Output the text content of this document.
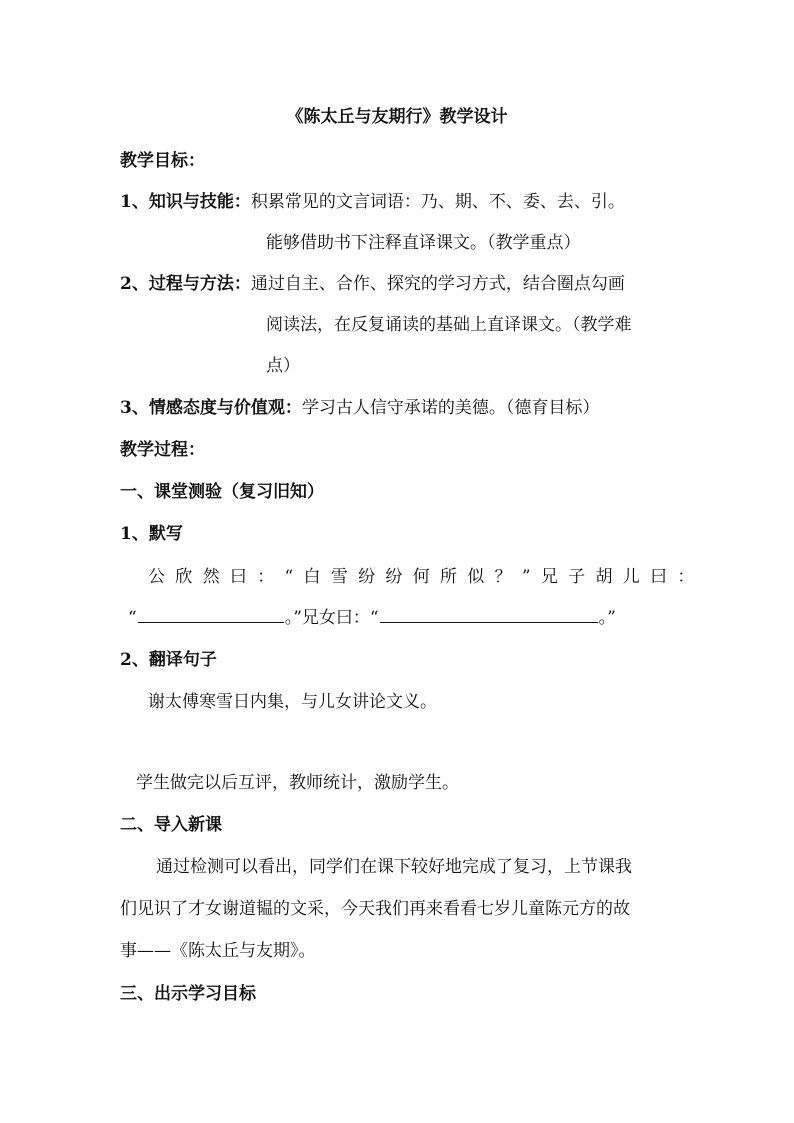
《陈太丘与友期行》教学设计
教学目标：
1、知识与技能：积累常见的文言词语：乃、期、不、委、去、引。
能够借助书下注释直译课文。（教学重点）
2、过程与方法：通过自主、合作、探究的学习方式，结合圈点勾画
阅读法，在反复诵读的基础上直译课文。（教学难
点）
3、情感态度与价值观：学习古人信守承诺的美德。（德育目标）
教学过程：
一、课堂测验（复习旧知）
1、默写
公欣然曰：“白雪纷纷何所似？”兄子胡儿曰：
“	。”兄女曰：“	。”
2、翻译句子
谢太傅寒雪日内集，与儿女讲论文义。
学生做完以后互评，教师统计，激励学生。
二、导入新课
通过检测可以看出，同学们在课下较好地完成了复习，上节课我
们见识了才女谢道韫的文采，今天我们再来看看七岁儿童陈元方的故
事——《陈太丘与友期》。
三、出示学习目标
